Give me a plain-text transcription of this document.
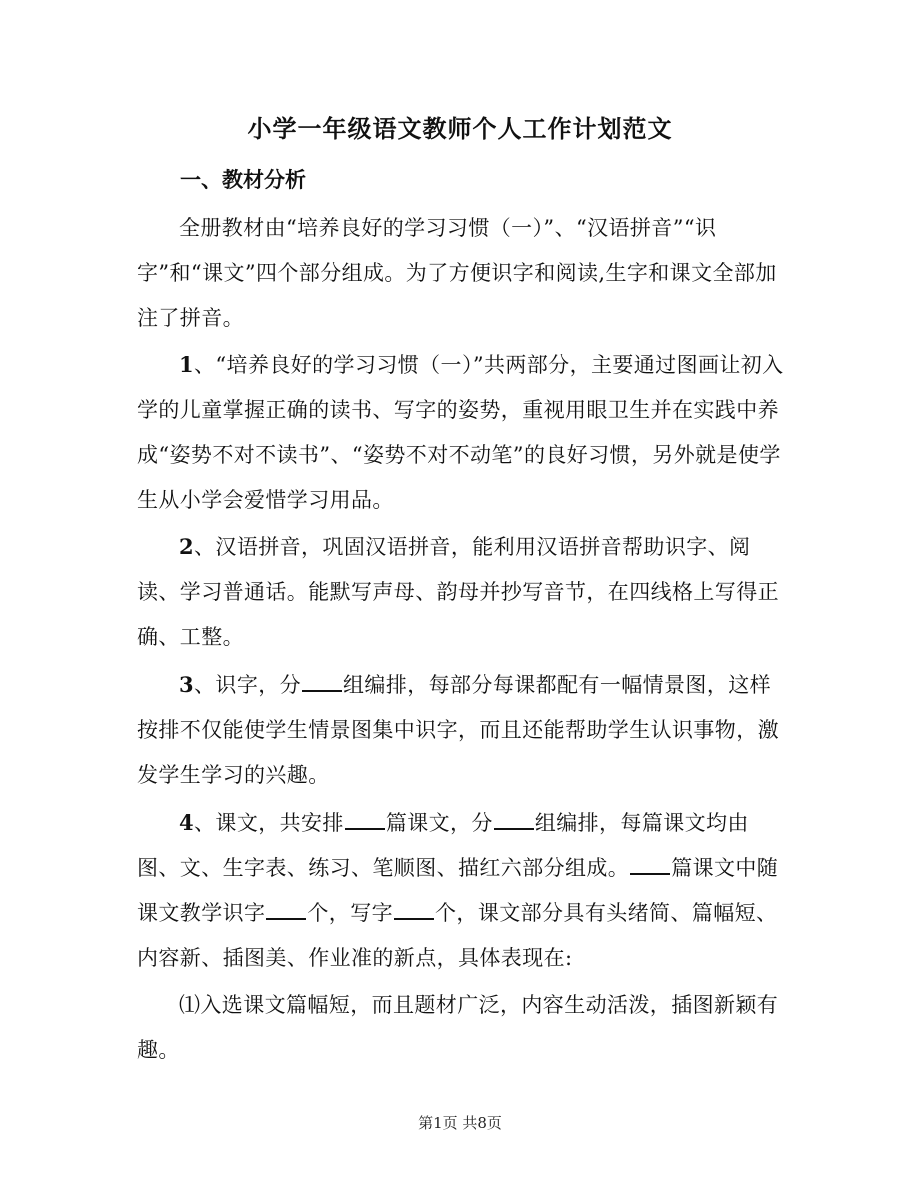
小学一年级语文教师个人工作计划范文
一、教材分析

全册教材由“培养良好的学习习惯（一）”、“汉语拼音”“识字”和“课文”四个部分组成。为了方便识字和阅读,生字和课文全部加注了拼音。

1、“培养良好的学习习惯（一）”共两部分，主要通过图画让初入学的儿童掌握正确的读书、写字的姿势，重视用眼卫生并在实践中养成“姿势不对不读书”、“姿势不对不动笔”的良好习惯，另外就是使学生从小学会爱惜学习用品。

2、汉语拼音，巩固汉语拼音，能利用汉语拼音帮助识字、阅读、学习普通话。能默写声母、韵母并抄写音节，在四线格上写得正确、工整。

3、识字，分 组编排，每部分每课都配有一幅情景图，这样按排不仅能使学生情景图集中识字，而且还能帮助学生认识事物，激发学生学习的兴趣。

4、课文，共安排 篇课文，分 组编排，每篇课文均由图、文、生字表、练习、笔顺图、描红六部分组成。 篇课文中随课文教学识字 个，写字 个，课文部分具有头绪简、篇幅短、内容新、插图美、作业准的新点，具体表现在:

⑴入选课文篇幅短，而且题材广泛，内容生动活泼，插图新颖有趣。

第1页 共8页
